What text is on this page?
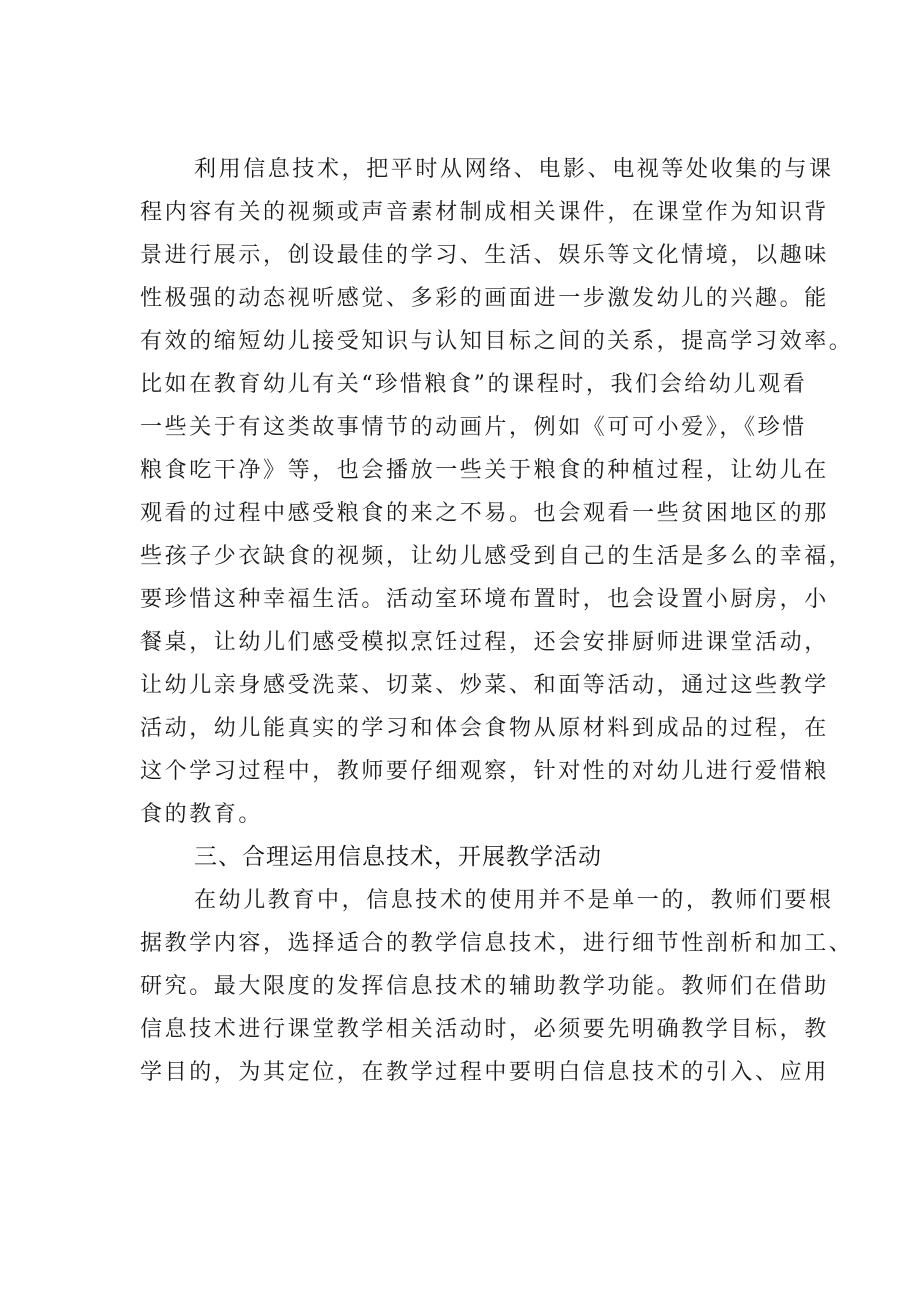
利用信息技术，把平时从网络、电影、电视等处收集的与课
程内容有关的视频或声音素材制成相关课件，在课堂作为知识背
景进行展示，创设最佳的学习、生活、娱乐等文化情境，以趣味
性极强的动态视听感觉、多彩的画面进一步激发幼儿的兴趣。能
有效的缩短幼儿接受知识与认知目标之间的关系，提高学习效率。
比如在教育幼儿有关“珍惜粮食”的课程时，我们会给幼儿观看
一些关于有这类故事情节的动画片，例如《可可小爱》，《珍惜
粮食吃干净》等，也会播放一些关于粮食的种植过程，让幼儿在
观看的过程中感受粮食的来之不易。也会观看一些贫困地区的那
些孩子少衣缺食的视频，让幼儿感受到自己的生活是多么的幸福，
要珍惜这种幸福生活。活动室环境布置时，也会设置小厨房，小
餐桌，让幼儿们感受模拟烹饪过程，还会安排厨师进课堂活动，
让幼儿亲身感受洗菜、切菜、炒菜、和面等活动，通过这些教学
活动，幼儿能真实的学习和体会食物从原材料到成品的过程，在
这个学习过程中，教师要仔细观察，针对性的对幼儿进行爱惜粮
食的教育。
三、合理运用信息技术，开展教学活动
在幼儿教育中，信息技术的使用并不是单一的，教师们要根
据教学内容，选择适合的教学信息技术，进行细节性剖析和加工、
研究。最大限度的发挥信息技术的辅助教学功能。教师们在借助
信息技术进行课堂教学相关活动时，必须要先明确教学目标，教
学目的，为其定位，在教学过程中要明白信息技术的引入、应用
